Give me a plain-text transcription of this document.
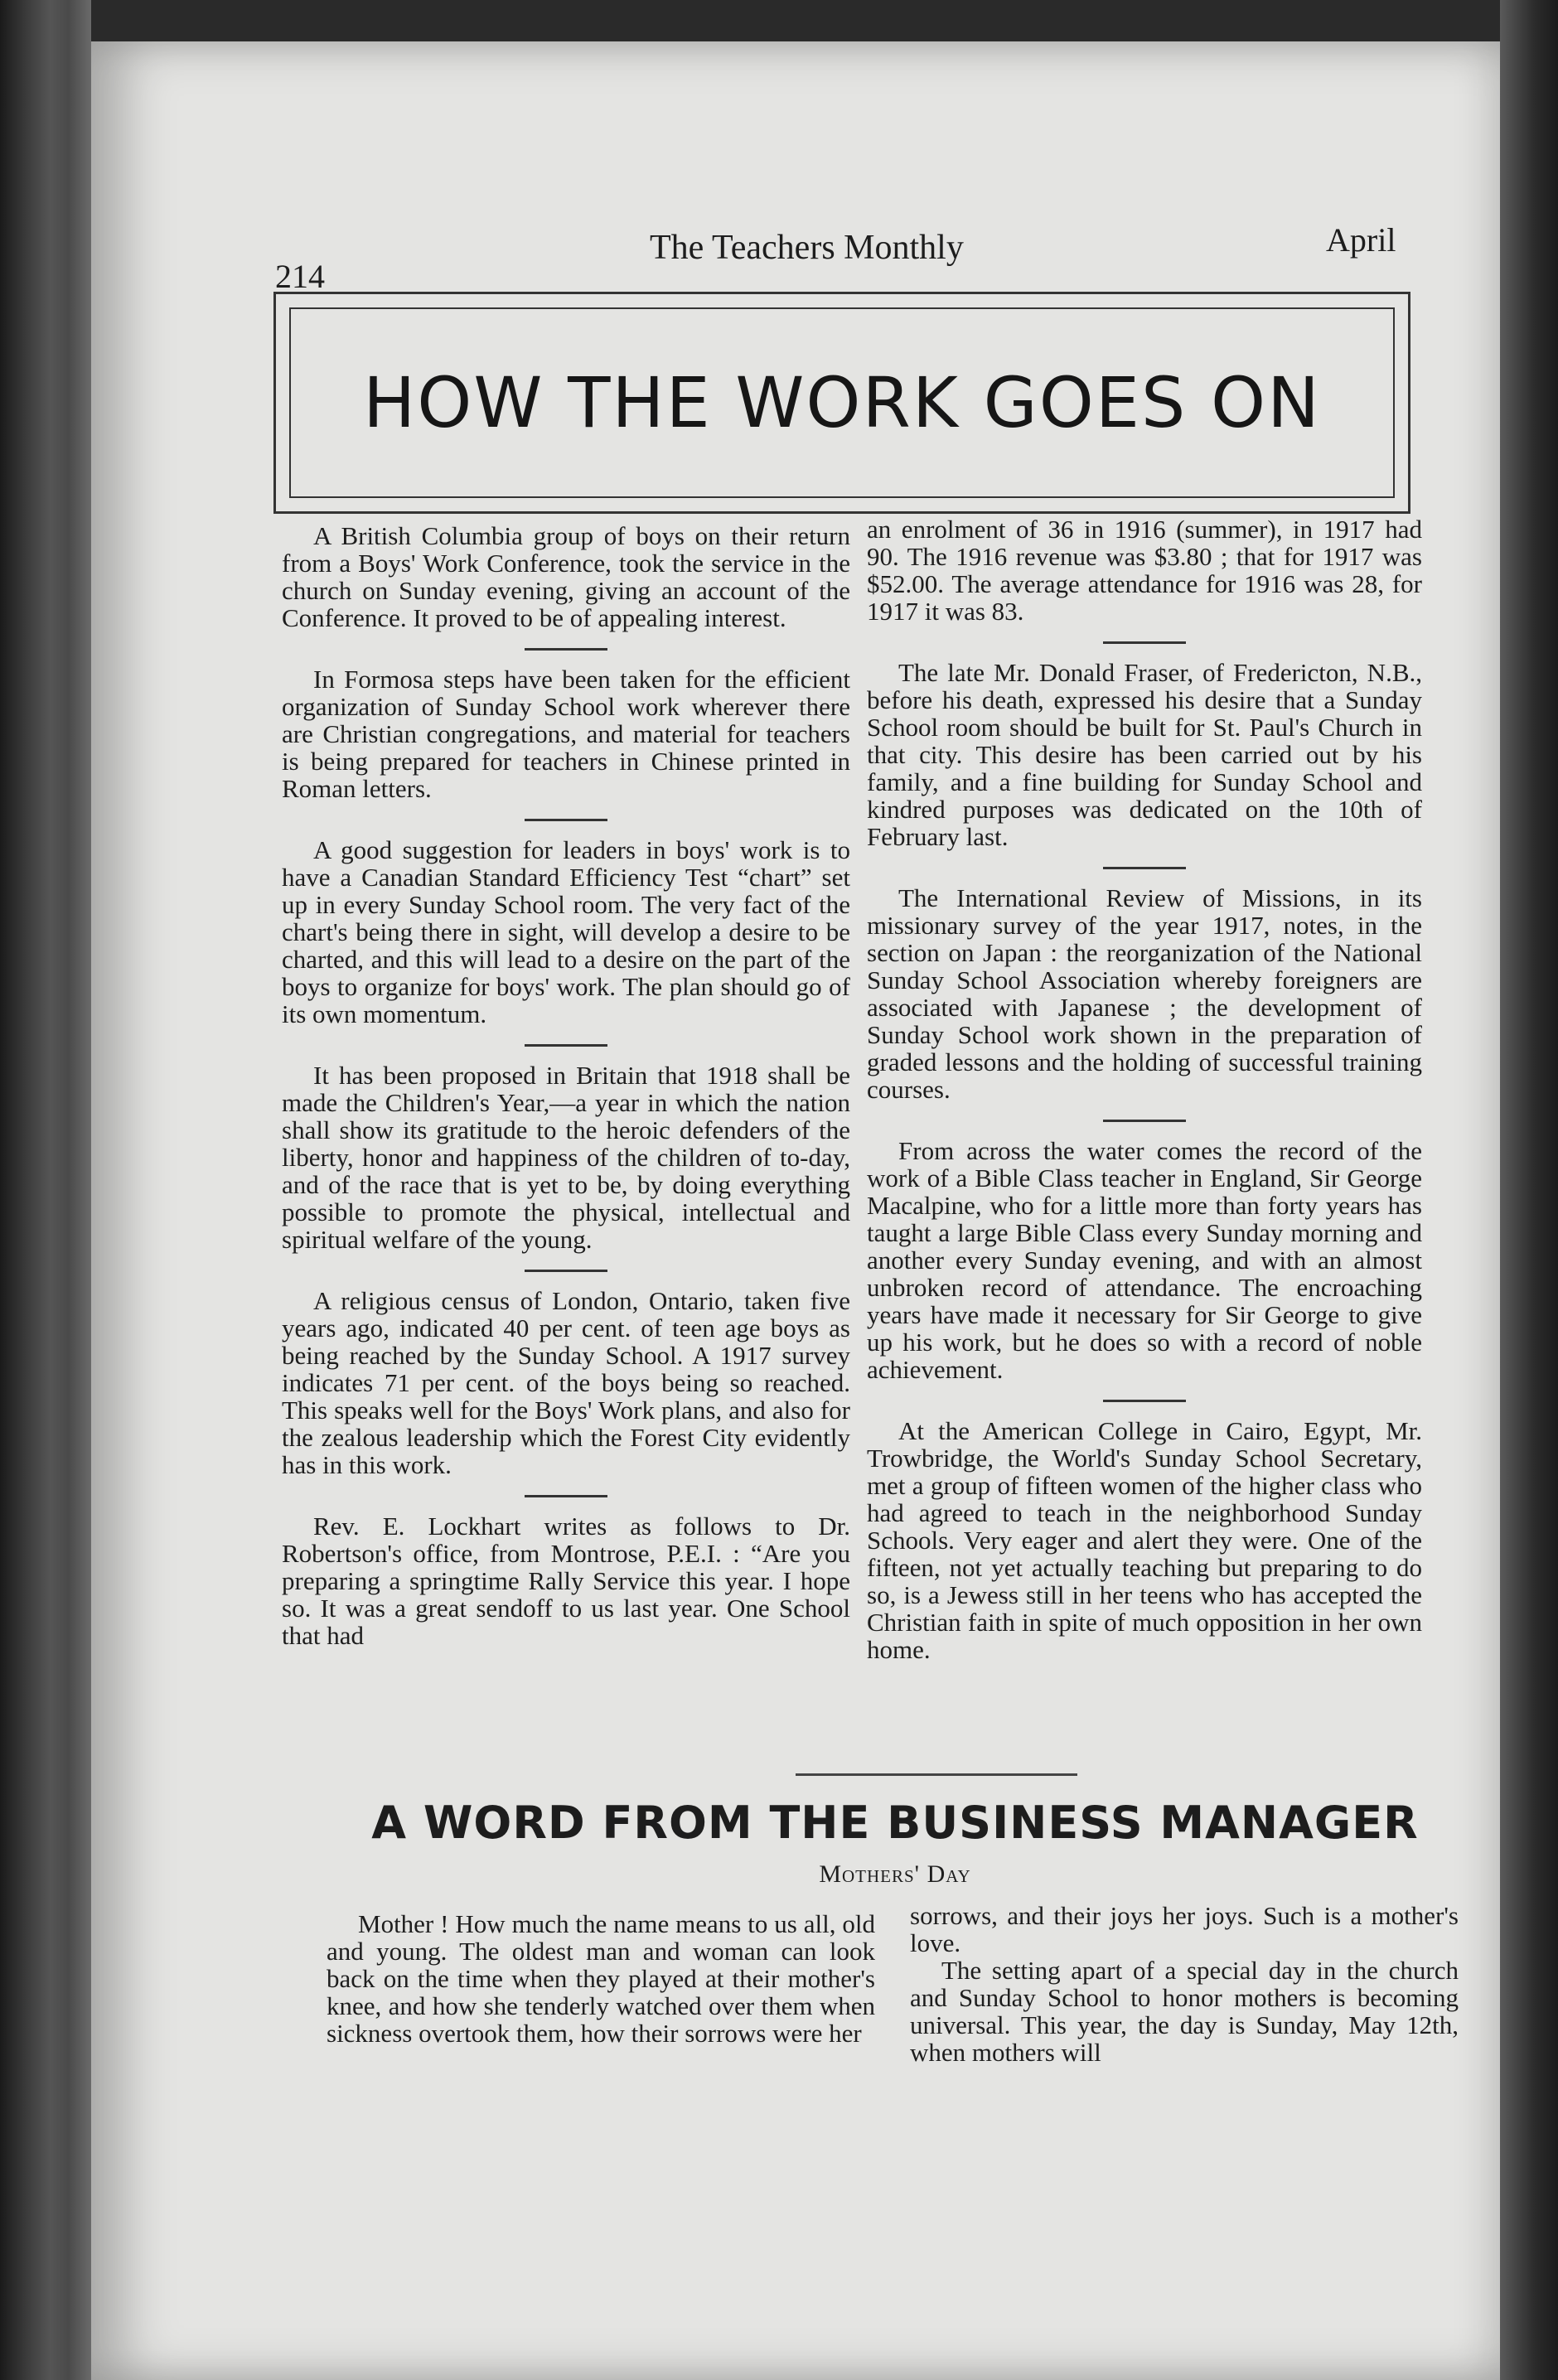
214
The Teachers Monthly	April
HOW THE WORK GOES ON

A British Columbia group of boys on their return from a Boys' Work Conference, took the service in the church on Sunday evening, giving an account of the Conference. It proved to be of appealing interest.

In Formosa steps have been taken for the efficient organization of Sunday School work wherever there are Christian congregations, and material for teachers is being prepared for teachers in Chinese printed in Roman letters.

A good suggestion for leaders in boys' work is to have a Canadian Standard Efficiency Test “chart” set up in every Sunday School room. The very fact of the chart's being there in sight, will develop a desire to be charted, and this will lead to a desire on the part of the boys to organize for boys' work. The plan should go of its own momentum.

It has been proposed in Britain that 1918 shall be made the Children's Year,—a year in which the nation shall show its gratitude to the heroic defenders of the liberty, honor and happiness of the children of to-day, and of the race that is yet to be, by doing everything possible to promote the physical, intellectual and spiritual welfare of the young.

A religious census of London, Ontario, taken five years ago, indicated 40 per cent. of teen age boys as being reached by the Sunday School. A 1917 survey indicates 71 per cent. of the boys being so reached. This speaks well for the Boys' Work plans, and also for the zealous leadership which the Forest City evidently has in this work.

Rev. E. Lockhart writes as follows to Dr. Robertson's office, from Montrose, P.E.I. : “Are you preparing a springtime Rally Service this year. I hope so. It was a great sendoff to us last year. One School that had

an enrolment of 36 in 1916 (summer), in 1917 had 90. The 1916 revenue was $3.80 ; that for 1917 was $52.00. The average attendance for 1916 was 28, for 1917 it was 83.

The late Mr. Donald Fraser, of Fredericton, N.B., before his death, expressed his desire that a Sunday School room should be built for St. Paul's Church in that city. This desire has been carried out by his family, and a fine building for Sunday School and kindred purposes was dedicated on the 10th of February last.

The International Review of Missions, in its missionary survey of the year 1917, notes, in the section on Japan : the reorganization of the National Sunday School Association whereby foreigners are associated with Japanese ; the development of Sunday School work shown in the preparation of graded lessons and the holding of successful training courses.

From across the water comes the record of the work of a Bible Class teacher in England, Sir George Macalpine, who for a little more than forty years has taught a large Bible Class every Sunday morning and another every Sunday evening, and with an almost unbroken record of attendance. The encroaching years have made it necessary for Sir George to give up his work, but he does so with a record of noble achievement.

At the American College in Cairo, Egypt, Mr. Trowbridge, the World's Sunday School Secretary, met a group of fifteen women of the higher class who had agreed to teach in the neighborhood Sunday Schools. Very eager and alert they were. One of the fifteen, not yet actually teaching but preparing to do so, is a Jewess still in her teens who has accepted the Christian faith in spite of much opposition in her own home.

A WORD FROM THE BUSINESS MANAGER
Mothers' Day

Mother ! How much the name means to us all, old and young. The oldest man and woman can look back on the time when they played at their mother's knee, and how she tenderly watched over them when sickness overtook them, how their sorrows were her

sorrows, and their joys her joys. Such is a mother's love.

The setting apart of a special day in the church and Sunday School to honor mothers is becoming universal. This year, the day is Sunday, May 12th, when mothers will
